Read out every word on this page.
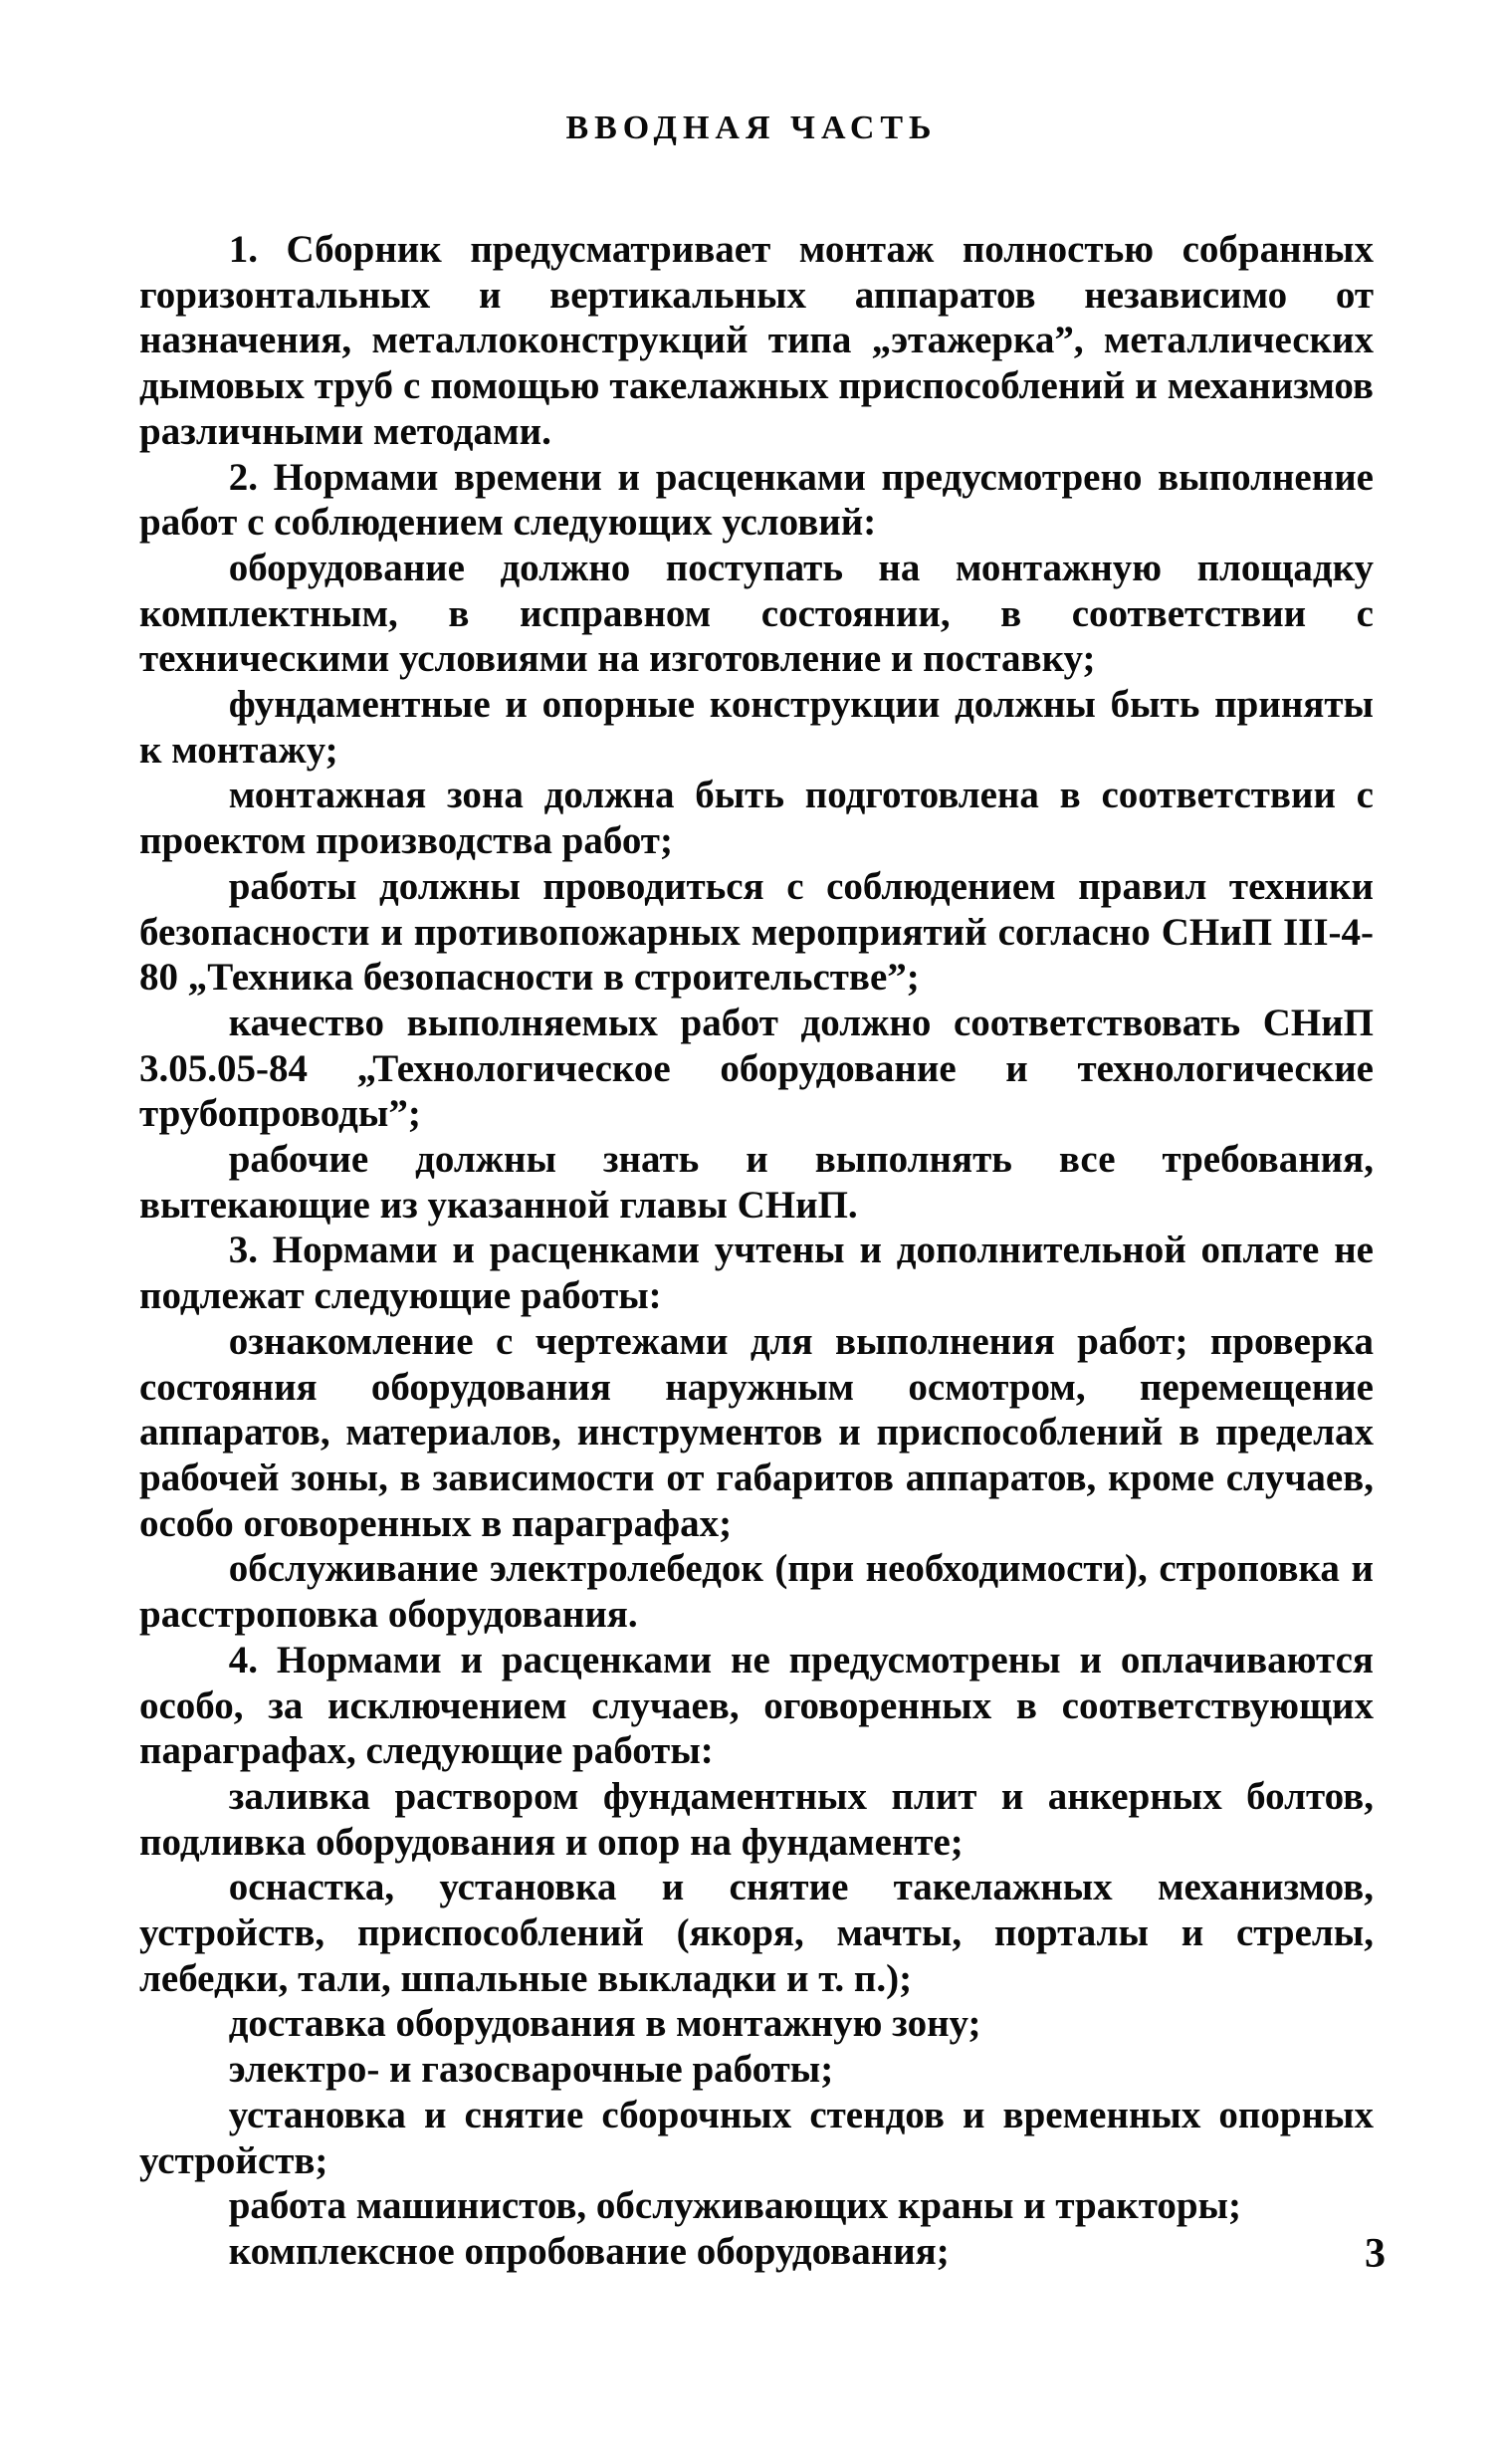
ВВОДНАЯ ЧАСТЬ

1. Сборник предусматривает монтаж полностью собранных горизонтальных и вертикальных аппаратов независимо от назначения, металлоконструкций типа „этажерка”, металлических дымовых труб с помощью такелажных приспособлений и механизмов различными методами.

2. Нормами времени и расценками предусмотрено выполнение работ с соблюдением следующих условий:

оборудование должно поступать на монтажную площадку комплектным, в исправном состоянии, в соответствии с техническими условиями на изготовление и поставку;

фундаментные и опорные конструкции должны быть приняты к монтажу;

монтажная зона должна быть подготовлена в соответствии с проектом производства работ;

работы должны проводиться с соблюдением правил техники безопасности и противопожарных мероприятий согласно СНиП III-4-80 „Техника безопасности в строительстве”;

качество выполняемых работ должно соответствовать СНиП 3.05.05-84 „Технологическое оборудование и технологические трубопроводы”;

рабочие должны знать и выполнять все требования, вытекающие из указанной главы СНиП.

3. Нормами и расценками учтены и дополнительной оплате не подлежат следующие работы:

ознакомление с чертежами для выполнения работ; проверка состояния оборудования наружным осмотром, перемещение аппаратов, материалов, инструментов и приспособлений в пределах рабочей зоны, в зависимости от габаритов аппаратов, кроме случаев, особо оговоренных в параграфах;

обслуживание электролебедок (при необходимости), строповка и расстроповка оборудования.

4. Нормами и расценками не предусмотрены и оплачиваются особо, за исключением случаев, оговоренных в соответствующих параграфах, следующие работы:

заливка раствором фундаментных плит и анкерных болтов, подливка оборудования и опор на фундаменте;

оснастка, установка и снятие такелажных механизмов, устройств, приспособлений (якоря, мачты, порталы и стрелы, лебедки, тали, шпальные выкладки и т. п.);

доставка оборудования в монтажную зону;

электро- и газосварочные работы;

установка и снятие сборочных стендов и временных опорных устройств;

работа машинистов, обслуживающих краны и тракторы;

комплексное опробование оборудования;	3
